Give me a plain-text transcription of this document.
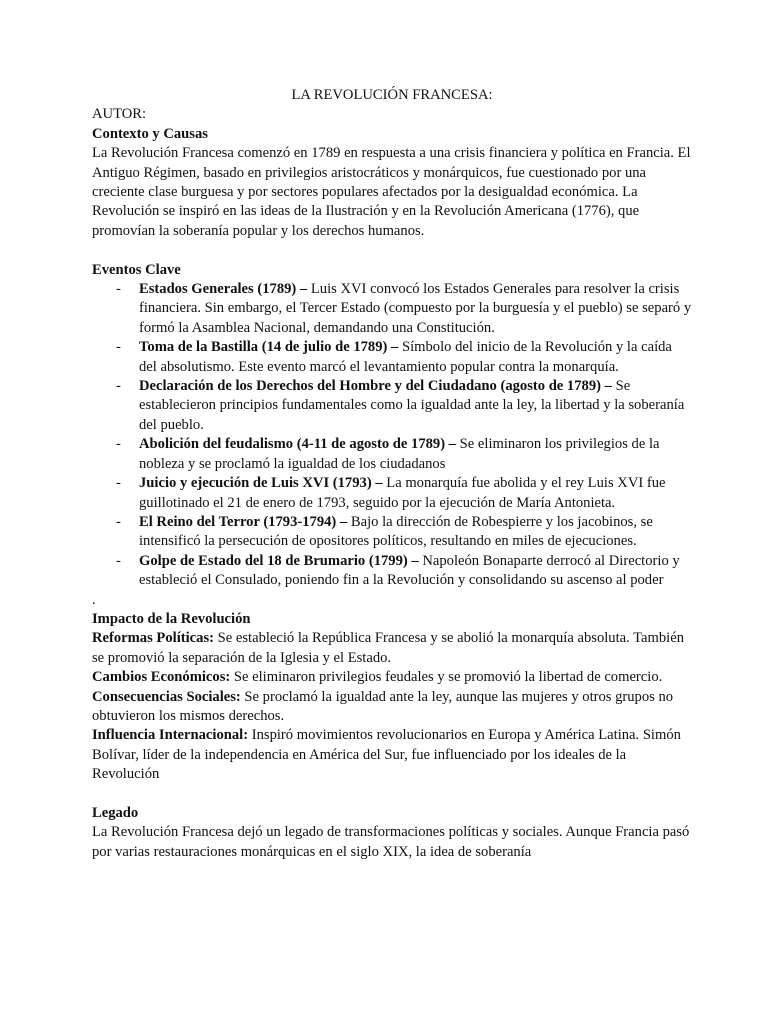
LA REVOLUCIÓN FRANCESA:

AUTOR:

Contexto y Causas

La Revolución Francesa comenzó en 1789 en respuesta a una crisis financiera y política en Francia. El Antiguo Régimen, basado en privilegios aristocráticos y monárquicos, fue cuestionado por una creciente clase burguesa y por sectores populares afectados por la desigualdad económica. La Revolución se inspiró en las ideas de la Ilustración y en la Revolución Americana (1776), que promovían la soberanía popular y los derechos humanos.

Eventos Clave

- Estados Generales (1789) – Luis XVI convocó los Estados Generales para resolver la crisis financiera. Sin embargo, el Tercer Estado (compuesto por la burguesía y el pueblo) se separó y formó la Asamblea Nacional, demandando una Constitución.
- Toma de la Bastilla (14 de julio de 1789) – Símbolo del inicio de la Revolución y la caída del absolutismo. Este evento marcó el levantamiento popular contra la monarquía.
- Declaración de los Derechos del Hombre y del Ciudadano (agosto de 1789) – Se establecieron principios fundamentales como la igualdad ante la ley, la libertad y la soberanía del pueblo.
- Abolición del feudalismo (4-11 de agosto de 1789) – Se eliminaron los privilegios de la nobleza y se proclamó la igualdad de los ciudadanos
- Juicio y ejecución de Luis XVI (1793) – La monarquía fue abolida y el rey Luis XVI fue guillotinado el 21 de enero de 1793, seguido por la ejecución de María Antonieta.
- El Reino del Terror (1793-1794) – Bajo la dirección de Robespierre y los jacobinos, se intensificó la persecución de opositores políticos, resultando en miles de ejecuciones.
- Golpe de Estado del 18 de Brumario (1799) – Napoleón Bonaparte derrocó al Directorio y estableció el Consulado, poniendo fin a la Revolución y consolidando su ascenso al poder

.

Impacto de la Revolución

Reformas Políticas: Se estableció la República Francesa y se abolió la monarquía absoluta. También se promovió la separación de la Iglesia y el Estado.

Cambios Económicos: Se eliminaron privilegios feudales y se promovió la libertad de comercio.

Consecuencias Sociales: Se proclamó la igualdad ante la ley, aunque las mujeres y otros grupos no obtuvieron los mismos derechos.

Influencia Internacional: Inspiró movimientos revolucionarios en Europa y América Latina. Simón Bolívar, líder de la independencia en América del Sur, fue influenciado por los ideales de la Revolución

Legado

La Revolución Francesa dejó un legado de transformaciones políticas y sociales. Aunque Francia pasó por varias restauraciones monárquicas en el siglo XIX, la idea de soberanía
